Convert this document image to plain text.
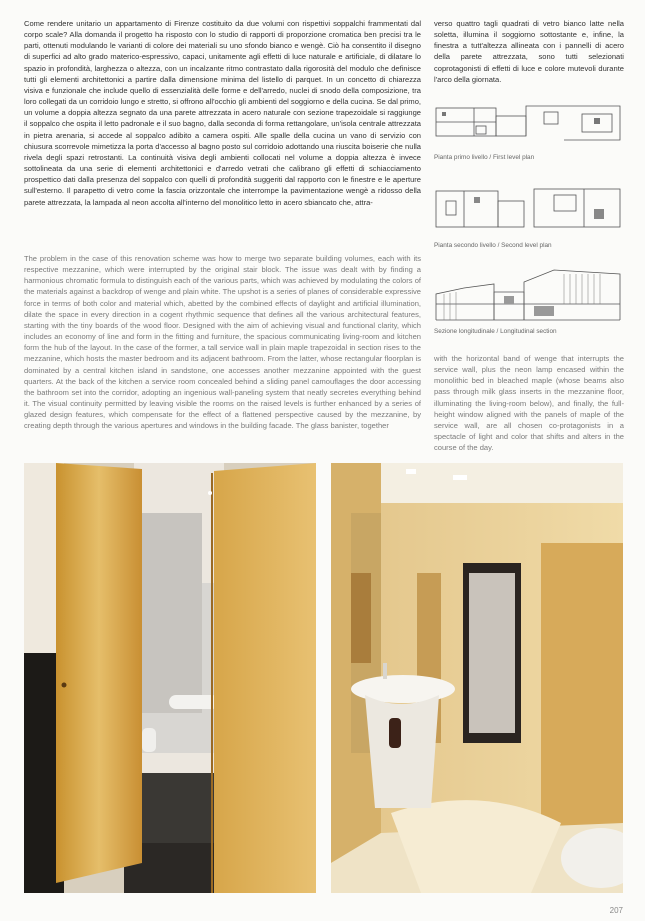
Come rendere unitario un appartamento di Firenze costituito da due volumi con rispettivi soppalchi frammentati dal corpo scale? Alla domanda il progetto ha risposto con lo studio di rapporti di proporzione cromatica ben precisi tra le parti, ottenuti modulando le varianti di colore dei materiali su uno sfondo bianco e wengè. Ciò ha consentito il disegno di superfici ad alto grado materico-espressivo, capaci, unitamente agli effetti di luce naturale e artificiale, di dilatare lo spazio in profondità, larghezza o altezza, con un incalzante ritmo contrastato dalla rigorosità del modulo che definisce tutti gli elementi architettonici a partire dalla dimensione minima del listello di parquet. In un concetto di chiarezza visiva e funzionale che include quello di essenzialità delle forme e dell'arredo, nuclei di snodo della composizione, tra loro collegati da un corridoio lungo e stretto, si offrono all'occhio gli ambienti del soggiorno e della cucina. Se dal primo, un volume a doppia altezza segnato da una parete attrezzata in acero naturale con sezione trapezoidale si raggiunge il soppalco che ospita il letto padronale e il suo bagno, dalla seconda di forma rettangolare, un'isola centrale attrezzata in pietra arenaria, si accede al soppalco adibito a camera ospiti. Alle spalle della cucina un vano di servizio con chiusura scorrevole mimetizza la porta d'accesso al bagno posto sul corridoio adottando una riuscita boiserie che nulla rivela degli spazi retrostanti. La continuità visiva degli ambienti collocati nel volume a doppia altezza è invece sottolineata da una serie di elementi architettonici e d'arredo vetrati che calibrano gli effetti di schiacciamento prospettico dati dalla presenza del soppalco con quelli di profondità suggeriti dal rapporto con le finestre e le aperture sull'esterno. Il parapetto di vetro come la fascia orizzontale che interrompe la pavimentazione wengè a ridosso della parete attrezzata, la lampada al neon accolta all'interno del monolitico letto in acero sbiancato che, attra-
verso quattro tagli quadrati di vetro bianco latte nella soletta, illumina il soggiorno sottostante e, infine, la finestra a tutt'altezza allineata con i pannelli di acero della parete attrezzata, sono tutti selezionati coprotagonisti di effetti di luce e colore mutevoli durante l'arco della giornata.
Pianta primo livello / First level plan
Pianta secondo livello / Second level plan
Sezione longitudinale / Longitudinal section
The problem in the case of this renovation scheme was how to merge two separate building volumes, each with its respective mezzanine, which were interrupted by the original stair block. The issue was dealt with by finding a harmonious chromatic formula to distinguish each of the various parts, which was achieved by modulating the colors of the materials against a backdrop of wenge and plain white. The upshot is a series of planes of considerable expressive force in terms of both color and material which, abetted by the combined effects of daylight and artificial illumination, dilate the space in every direction in a cogent rhythmic sequence that defines all the various architectural features, starting with the tiny boards of the wood floor. Designed with the aim of achieving visual and functional clarity, which includes an economy of line and form in the fitting and furniture, the spacious communicating living-room and kitchen form the hub of the layout. In the case of the former, a tall service wall in plain maple trapezoidal in section rises to the mezzanine, which hosts the master bedroom and its adjacent bathroom. From the latter, whose rectangular floorplan is dominated by a central kitchen island in sandstone, one accesses another mezzanine appointed with the guest quarters. At the back of the kitchen a service room concealed behind a sliding panel camouflages the door accessing the bathroom set into the corridor, adopting an ingenious wall-paneling system that neatly secretes everything behind it. The visual continuity permitted by leaving visible the rooms on the raised levels is further enhanced by a series of glazed design features, which compensate for the effect of a flattened perspective caused by the mezzanine, by creating depth through the various apertures and windows in the building facade. The glass banister, together
with the horizontal band of wenge that interrupts the service wall, plus the neon lamp encased within the monolithic bed in bleached maple (whose beams also pass through milk glass inserts in the mezzanine floor, illuminating the living-room below), and finally, the full-height window aligned with the panels of maple of the service wall, are all chosen co-protagonists in a spectacle of light and color that shifts and alters in the course of the day.
207
